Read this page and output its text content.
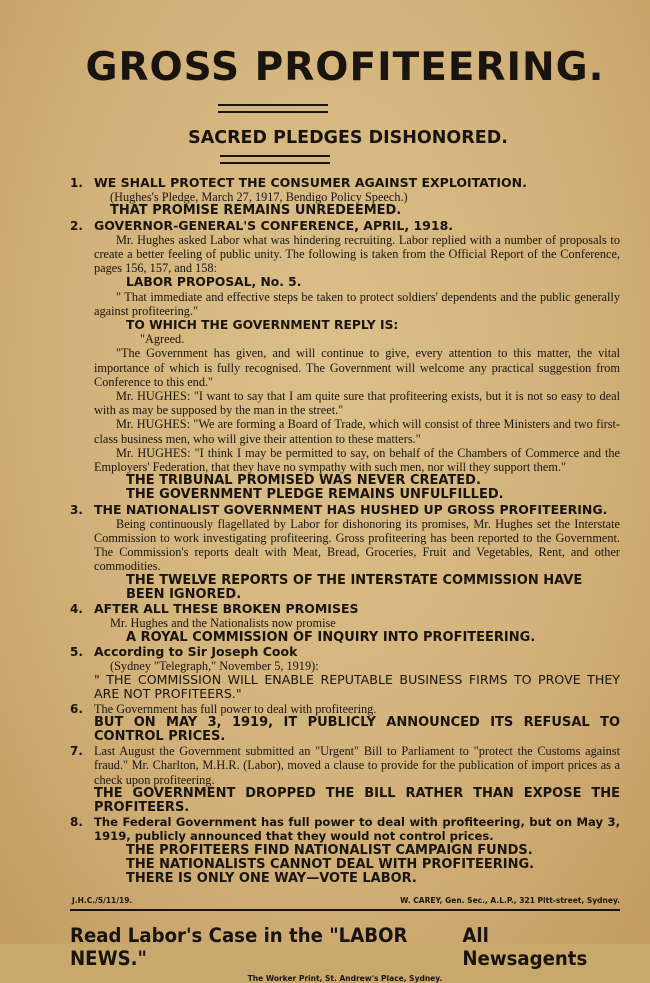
GROSS PROFITEERING.
SACRED PLEDGES DISHONORED.
1. WE SHALL PROTECT THE CONSUMER AGAINST EXPLOITATION.
(Hughes's Pledge, March 27, 1917, Bendigo Policy Speech.)
THAT PROMISE REMAINS UNREDEEMED.
2. GOVERNOR-GENERAL'S CONFERENCE, APRIL, 1918.
Mr. Hughes asked Labor what was hindering recruiting. Labor replied with a number of proposals to create a better feeling of public unity. The following is taken from the Official Report of the Conference, pages 156, 157, and 158:
LABOR PROPOSAL, No. 5.
" That immediate and effective steps be taken to protect soldiers' dependents and the public generally against profiteering."
TO WHICH THE GOVERNMENT REPLY IS:
"Agreed.
"The Government has given, and will continue to give, every attention to this matter, the vital importance of which is fully recognised. The Government will welcome any practical suggestion from Conference to this end."
Mr. HUGHES: "I want to say that I am quite sure that profiteering exists, but it is not so easy to deal with as may be supposed by the man in the street."
Mr. HUGHES: "We are forming a Board of Trade, which will consist of three Ministers and two first-class business men, who will give their attention to these matters."
Mr. HUGHES: "I think I may be permitted to say, on behalf of the Chambers of Commerce and the Employers' Federation, that they have no sympathy with such men, nor will they support them."
THE TRIBUNAL PROMISED WAS NEVER CREATED.
THE GOVERNMENT PLEDGE REMAINS UNFULFILLED.
3. THE NATIONALIST GOVERNMENT HAS HUSHED UP GROSS PROFITEERING.
Being continuously flagellated by Labor for dishonoring its promises, Mr. Hughes set the Interstate Commission to work investigating profiteering. Gross profiteering has been reported to the Government. The Commission's reports dealt with Meat, Bread, Groceries, Fruit and Vegetables, Rent, and other commodities.
THE TWELVE REPORTS OF THE INTERSTATE COMMISSION HAVE BEEN IGNORED.
4. AFTER ALL THESE BROKEN PROMISES
Mr. Hughes and the Nationalists now promise
A ROYAL COMMISSION OF INQUIRY INTO PROFITEERING.
5. According to Sir Joseph Cook
(Sydney "Telegraph," November 5, 1919):
" THE COMMISSION WILL ENABLE REPUTABLE BUSINESS FIRMS TO PROVE THEY ARE NOT PROFITEERS."
6. The Government has full power to deal with profiteering.
BUT ON MAY 3, 1919, IT PUBLICLY ANNOUNCED ITS REFUSAL TO CONTROL PRICES.
7. Last August the Government submitted an "Urgent" Bill to Parliament to "protect the Customs against fraud." Mr. Charlton, M.H.R. (Labor), moved a clause to provide for the publication of import prices as a check upon profiteering.
THE GOVERNMENT DROPPED THE BILL RATHER THAN EXPOSE THE PROFITEERS.
8. The Federal Government has full power to deal with profiteering, but on May 3, 1919, publicly announced that they would not control prices.
THE PROFITEERS FIND NATIONALIST CAMPAIGN FUNDS.
THE NATIONALISTS CANNOT DEAL WITH PROFITEERING.
THERE IS ONLY ONE WAY—VOTE LABOR.
J.H.C./5/11/19.	W. CAREY, Gen. Sec., A.L.P., 321 Pitt-street, Sydney.
Read Labor's Case in the "LABOR NEWS."
All Newsagents
The Worker Print, St. Andrew's Place, Sydney.
